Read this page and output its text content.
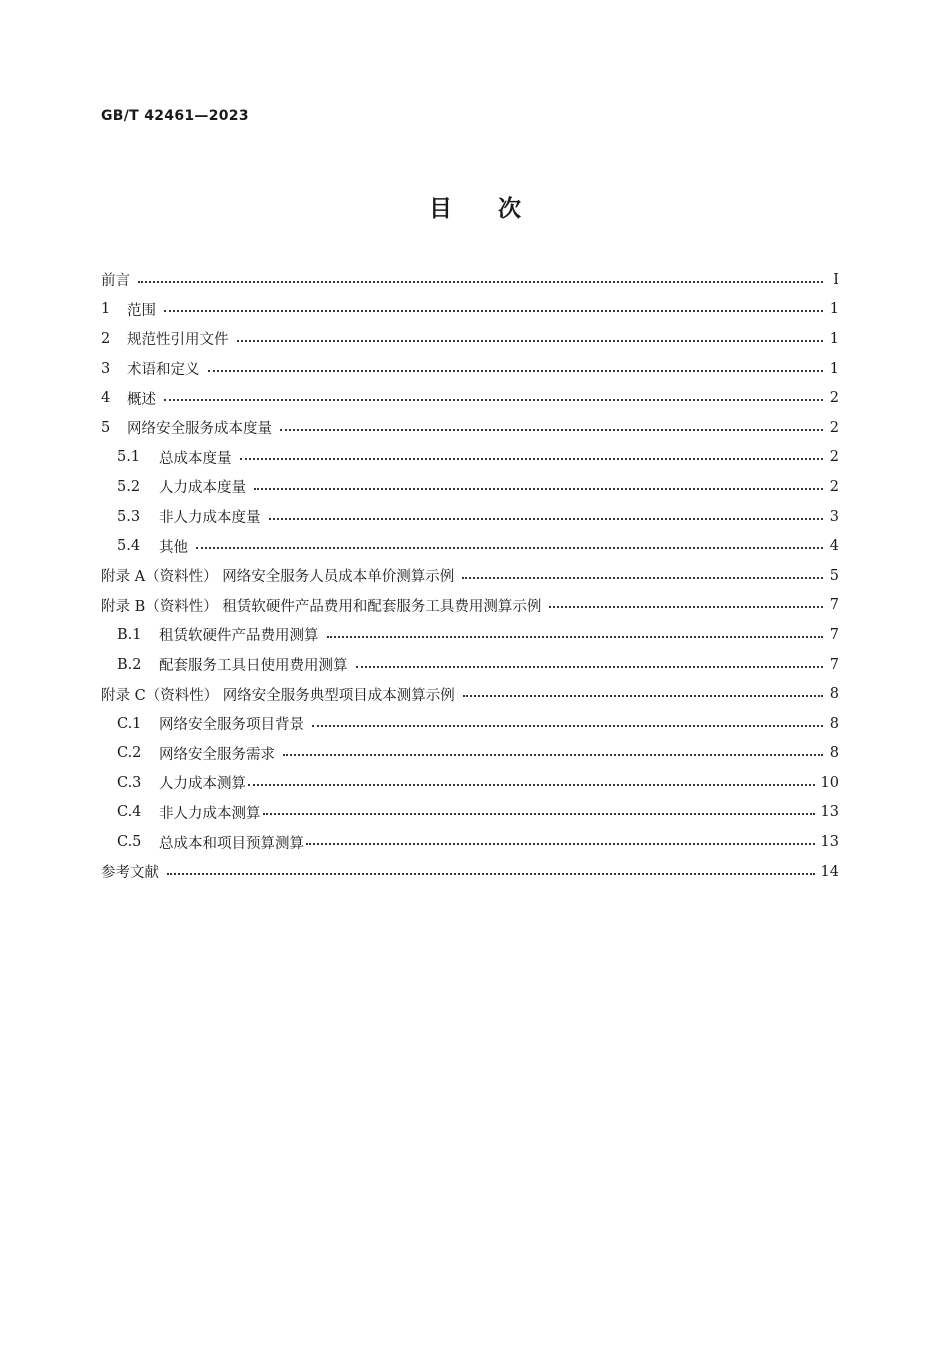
GB/T 42461—2023
目次
前言	Ⅰ
1	范围	1
2	规范性引用文件	1
3	术语和定义	1
4	概述	2
5	网络安全服务成本度量	2
5.1	总成本度量	2
5.2	人力成本度量	2
5.3	非人力成本度量	3
5.4	其他	4
附录 A（资料性） 网络安全服务人员成本单价测算示例	5
附录 B（资料性） 租赁软硬件产品费用和配套服务工具费用测算示例	7
B.1	租赁软硬件产品费用测算	7
B.2	配套服务工具日使用费用测算	7
附录 C（资料性） 网络安全服务典型项目成本测算示例	8
C.1	网络安全服务项目背景	8
C.2	网络安全服务需求	8
C.3	人力成本测算	10
C.4	非人力成本测算	13
C.5	总成本和项目预算测算	13
参考文献	14
